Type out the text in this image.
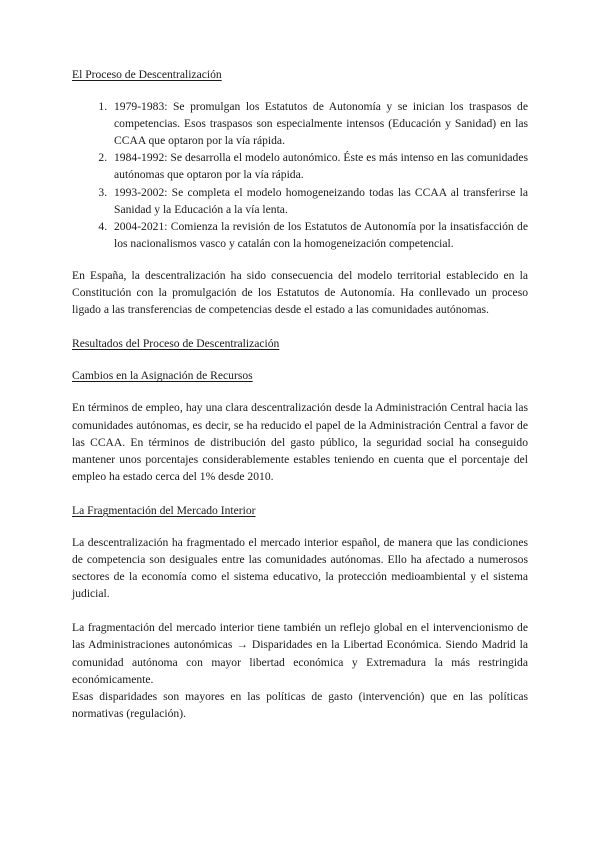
El Proceso de Descentralización
1. 1979-1983: Se promulgan los Estatutos de Autonomía y se inician los traspasos de competencias. Esos traspasos son especialmente intensos (Educación y Sanidad) en las CCAA que optaron por la vía rápida.
2. 1984-1992: Se desarrolla el modelo autonómico. Éste es más intenso en las comunidades autónomas que optaron por la vía rápida.
3. 1993-2002: Se completa el modelo homogeneizando todas las CCAA al transferirse la Sanidad y la Educación a la vía lenta.
4. 2004-2021: Comienza la revisión de los Estatutos de Autonomía por la insatisfacción de los nacionalismos vasco y catalán con la homogeneización competencial.

En España, la descentralización ha sido consecuencia del modelo territorial establecido en la Constitución con la promulgación de los Estatutos de Autonomía. Ha conllevado un proceso ligado a las transferencias de competencias desde el estado a las comunidades autónomas.

Resultados del Proceso de Descentralización
Cambios en la Asignación de Recursos

En términos de empleo, hay una clara descentralización desde la Administración Central hacia las comunidades autónomas, es decir, se ha reducido el papel de la Administración Central a favor de las CCAA. En términos de distribución del gasto público, la seguridad social ha conseguido mantener unos porcentajes considerablemente estables teniendo en cuenta que el porcentaje del empleo ha estado cerca del 1% desde 2010.

La Fragmentación del Mercado Interior

La descentralización ha fragmentado el mercado interior español, de manera que las condiciones de competencia son desiguales entre las comunidades autónomas. Ello ha afectado a numerosos sectores de la economía como el sistema educativo, la protección medioambiental y el sistema judicial.

La fragmentación del mercado interior tiene también un reflejo global en el intervencionismo de las Administraciones autonómicas → Disparidades en la Libertad Económica. Siendo Madrid la comunidad autónoma con mayor libertad económica y Extremadura la más restringida económicamente.

Esas disparidades son mayores en las políticas de gasto (intervención) que en las políticas normativas (regulación).
